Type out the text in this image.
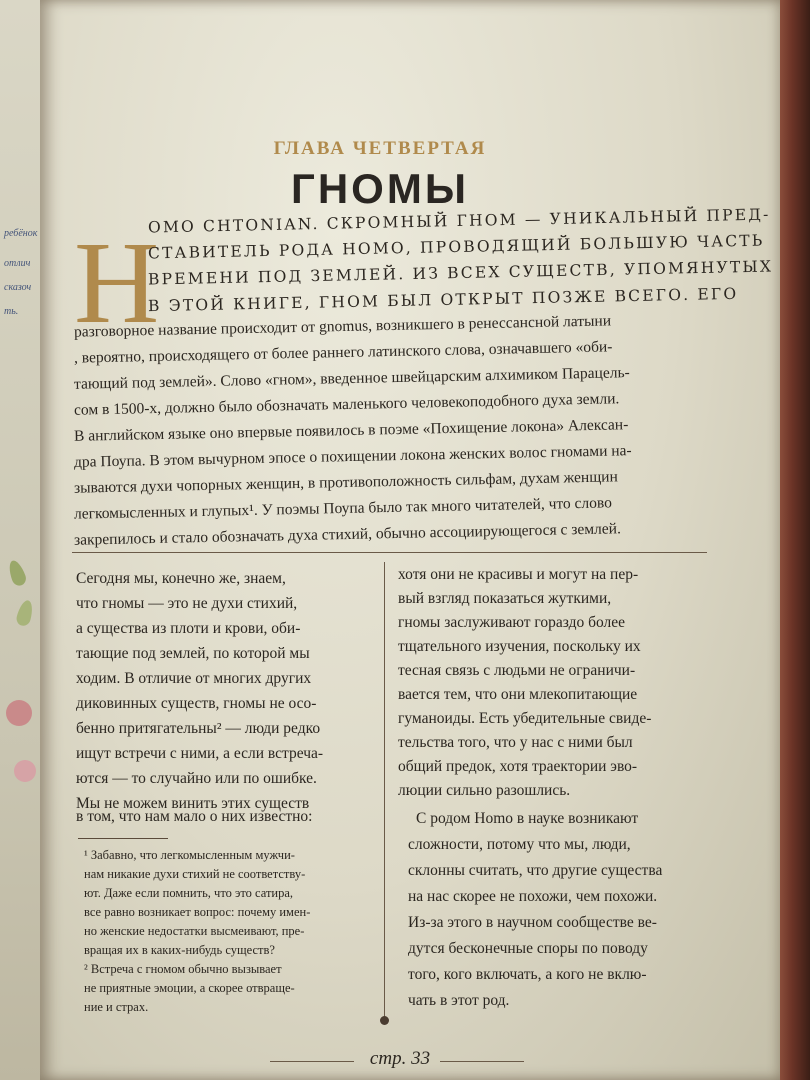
ребёнок
отлич
сказоч
ть.
ГЛАВА ЧЕТВЕРТАЯ
ГНОМЫ
Н
ОМО CHTONIAN. СКРОМНЫЙ ГНОМ — УНИКАЛЬНЫЙ ПРЕД-
СТАВИТЕЛЬ РОДА НОМО, ПРОВОДЯЩИЙ БОЛЬШУЮ ЧАСТЬ
ВРЕМЕНИ ПОД ЗЕМЛЕЙ. ИЗ ВСЕХ СУЩЕСТВ, УПОМЯНУТЫХ
В ЭТОЙ КНИГЕ, ГНОМ БЫЛ ОТКРЫТ ПОЗЖЕ ВСЕГО. ЕГО
разговорное название происходит от gnomus, возникшего в ренессансной латыни
, вероятно, происходящего от более раннего латинского слова, означавшего «оби-
тающий под землей». Слово «гном», введенное швейцарским алхимиком Парацель-
сом в 1500-х, должно было обозначать маленького человекоподобного духа земли.
В английском языке оно впервые появилось в поэме «Похищение локона» Алексан-
дра Поупа. В этом вычурном эпосе о похищении локона женских волос гномами на-
зываются духи чопорных женщин, в противоположность сильфам, духам женщин
легкомысленных и глупых¹. У поэмы Поупа было так много читателей, что слово
закрепилось и стало обозначать духа стихий, обычно ассоциирующегося с землей.
Сегодня мы, конечно же, знаем,
что гномы — это не духи стихий,
а существа из плоти и крови, оби-
тающие под землей, по которой мы
ходим. В отличие от многих других
диковинных существ, гномы не осо-
бенно притягательны² — люди редко
ищут встречи с ними, а если встреча-
ются — то случайно или по ошибке.
Мы не можем винить этих существ
в том, что нам мало о них известно:
¹ Забавно, что легкомысленным мужчи-
нам никакие духи стихий не соответству-
ют. Даже если помнить, что это сатира,
все равно возникает вопрос: почему имен-
но женские недостатки высмеивают, пре-
вращая их в каких-нибудь существ?
² Встреча с гномом обычно вызывает
не приятные эмоции, а скорее отвраще-
ние и страх.
хотя они не красивы и могут на пер-
вый взгляд показаться жуткими,
гномы заслуживают гораздо более
тщательного изучения, поскольку их
тесная связь с людьми не ограничи-
вается тем, что они млекопитающие
гуманоиды. Есть убедительные свиде-
тельства того, что у нас с ними был
общий предок, хотя траектории эво-
люции сильно разошлись.
С родом Homo в науке возникают
сложности, потому что мы, люди,
склонны считать, что другие существа
на нас скорее не похожи, чем похожи.
Из-за этого в научном сообществе ве-
дутся бесконечные споры по поводу
того, кого включать, а кого не вклю-
чать в этот род.
стр. 33
